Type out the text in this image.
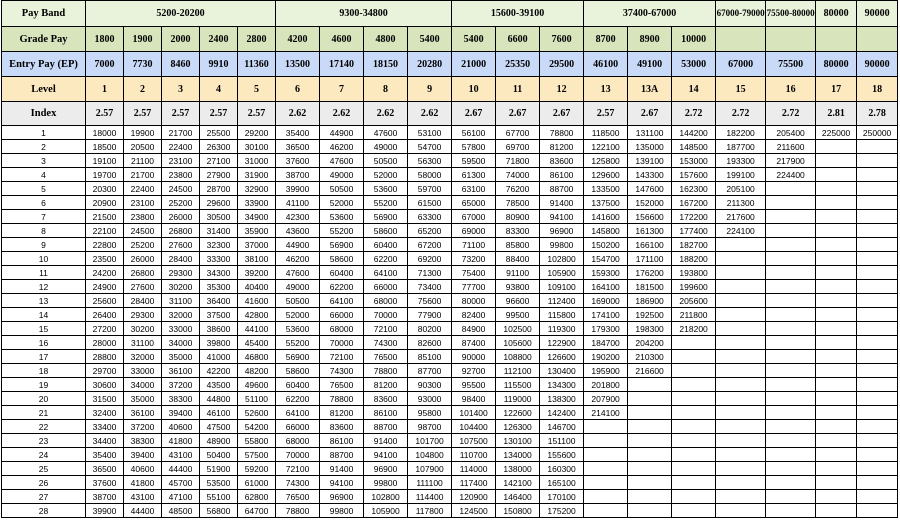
Pay Band	5200-20200					9300-34800				15600-39100			37400-67000			67000-79000	75500-80000	80000	90000
Grade Pay	1800	1900	2000	2400	2800	4200	4600	4800	5400	5400	6600	7600	8700	8900	10000				
Entry Pay (EP)	7000	7730	8460	9910	11360	13500	17140	18150	20280	21000	25350	29500	46100	49100	53000	67000	75500	80000	90000
Level	1	2	3	4	5	6	7	8	9	10	11	12	13	13A	14	15	16	17	18
Index	2.57	2.57	2.57	2.57	2.57	2.62	2.62	2.62	2.62	2.67	2.67	2.67	2.57	2.67	2.72	2.72	2.72	2.81	2.78
1	18000	19900	21700	25500	29200	35400	44900	47600	53100	56100	67700	78800	118500	131100	144200	182200	205400	225000	250000
2	18500	20500	22400	26300	30100	36500	46200	49000	54700	57800	69700	81200	122100	135000	148500	187700	211600		
3	19100	21100	23100	27100	31000	37600	47600	50500	56300	59500	71800	83600	125800	139100	153000	193300	217900		
4	19700	21700	23800	27900	31900	38700	49000	52000	58000	61300	74000	86100	129600	143300	157600	199100	224400		
5	20300	22400	24500	28700	32900	39900	50500	53600	59700	63100	76200	88700	133500	147600	162300	205100			
6	20900	23100	25200	29600	33900	41100	52000	55200	61500	65000	78500	91400	137500	152000	167200	211300			
7	21500	23800	26000	30500	34900	42300	53600	56900	63300	67000	80900	94100	141600	156600	172200	217600			
8	22100	24500	26800	31400	35900	43600	55200	58600	65200	69000	83300	96900	145800	161300	177400	224100			
9	22800	25200	27600	32300	37000	44900	56900	60400	67200	71100	85800	99800	150200	166100	182700				
10	23500	26000	28400	33300	38100	46200	58600	62200	69200	73200	88400	102800	154700	171100	188200				
11	24200	26800	29300	34300	39200	47600	60400	64100	71300	75400	91100	105900	159300	176200	193800				
12	24900	27600	30200	35300	40400	49000	62200	66000	73400	77700	93800	109100	164100	181500	199600				
13	25600	28400	31100	36400	41600	50500	64100	68000	75600	80000	96600	112400	169000	186900	205600				
14	26400	29300	32000	37500	42800	52000	66000	70000	77900	82400	99500	115800	174100	192500	211800				
15	27200	30200	33000	38600	44100	53600	68000	72100	80200	84900	102500	119300	179300	198300	218200				
16	28000	31100	34000	39800	45400	55200	70000	74300	82600	87400	105600	122900	184700	204200					
17	28800	32000	35000	41000	46800	56900	72100	76500	85100	90000	108800	126600	190200	210300					
18	29700	33000	36100	42200	48200	58600	74300	78800	87700	92700	112100	130400	195900	216600					
19	30600	34000	37200	43500	49600	60400	76500	81200	90300	95500	115500	134300	201800						
20	31500	35000	38300	44800	51100	62200	78800	83600	93000	98400	119000	138300	207900						
21	32400	36100	39400	46100	52600	64100	81200	86100	95800	101400	122600	142400	214100						
22	33400	37200	40600	47500	54200	66000	83600	88700	98700	104400	126300	146700							
23	34400	38300	41800	48900	55800	68000	86100	91400	101700	107500	130100	151100							
24	35400	39400	43100	50400	57500	70000	88700	94100	104800	110700	134000	155600							
25	36500	40600	44400	51900	59200	72100	91400	96900	107900	114000	138000	160300							
26	37600	41800	45700	53500	61000	74300	94100	99800	111100	117400	142100	165100							
27	38700	43100	47100	55100	62800	76500	96900	102800	114400	120900	146400	170100							
28	39900	44400	48500	56800	64700	78800	99800	105900	117800	124500	150800	175200							
